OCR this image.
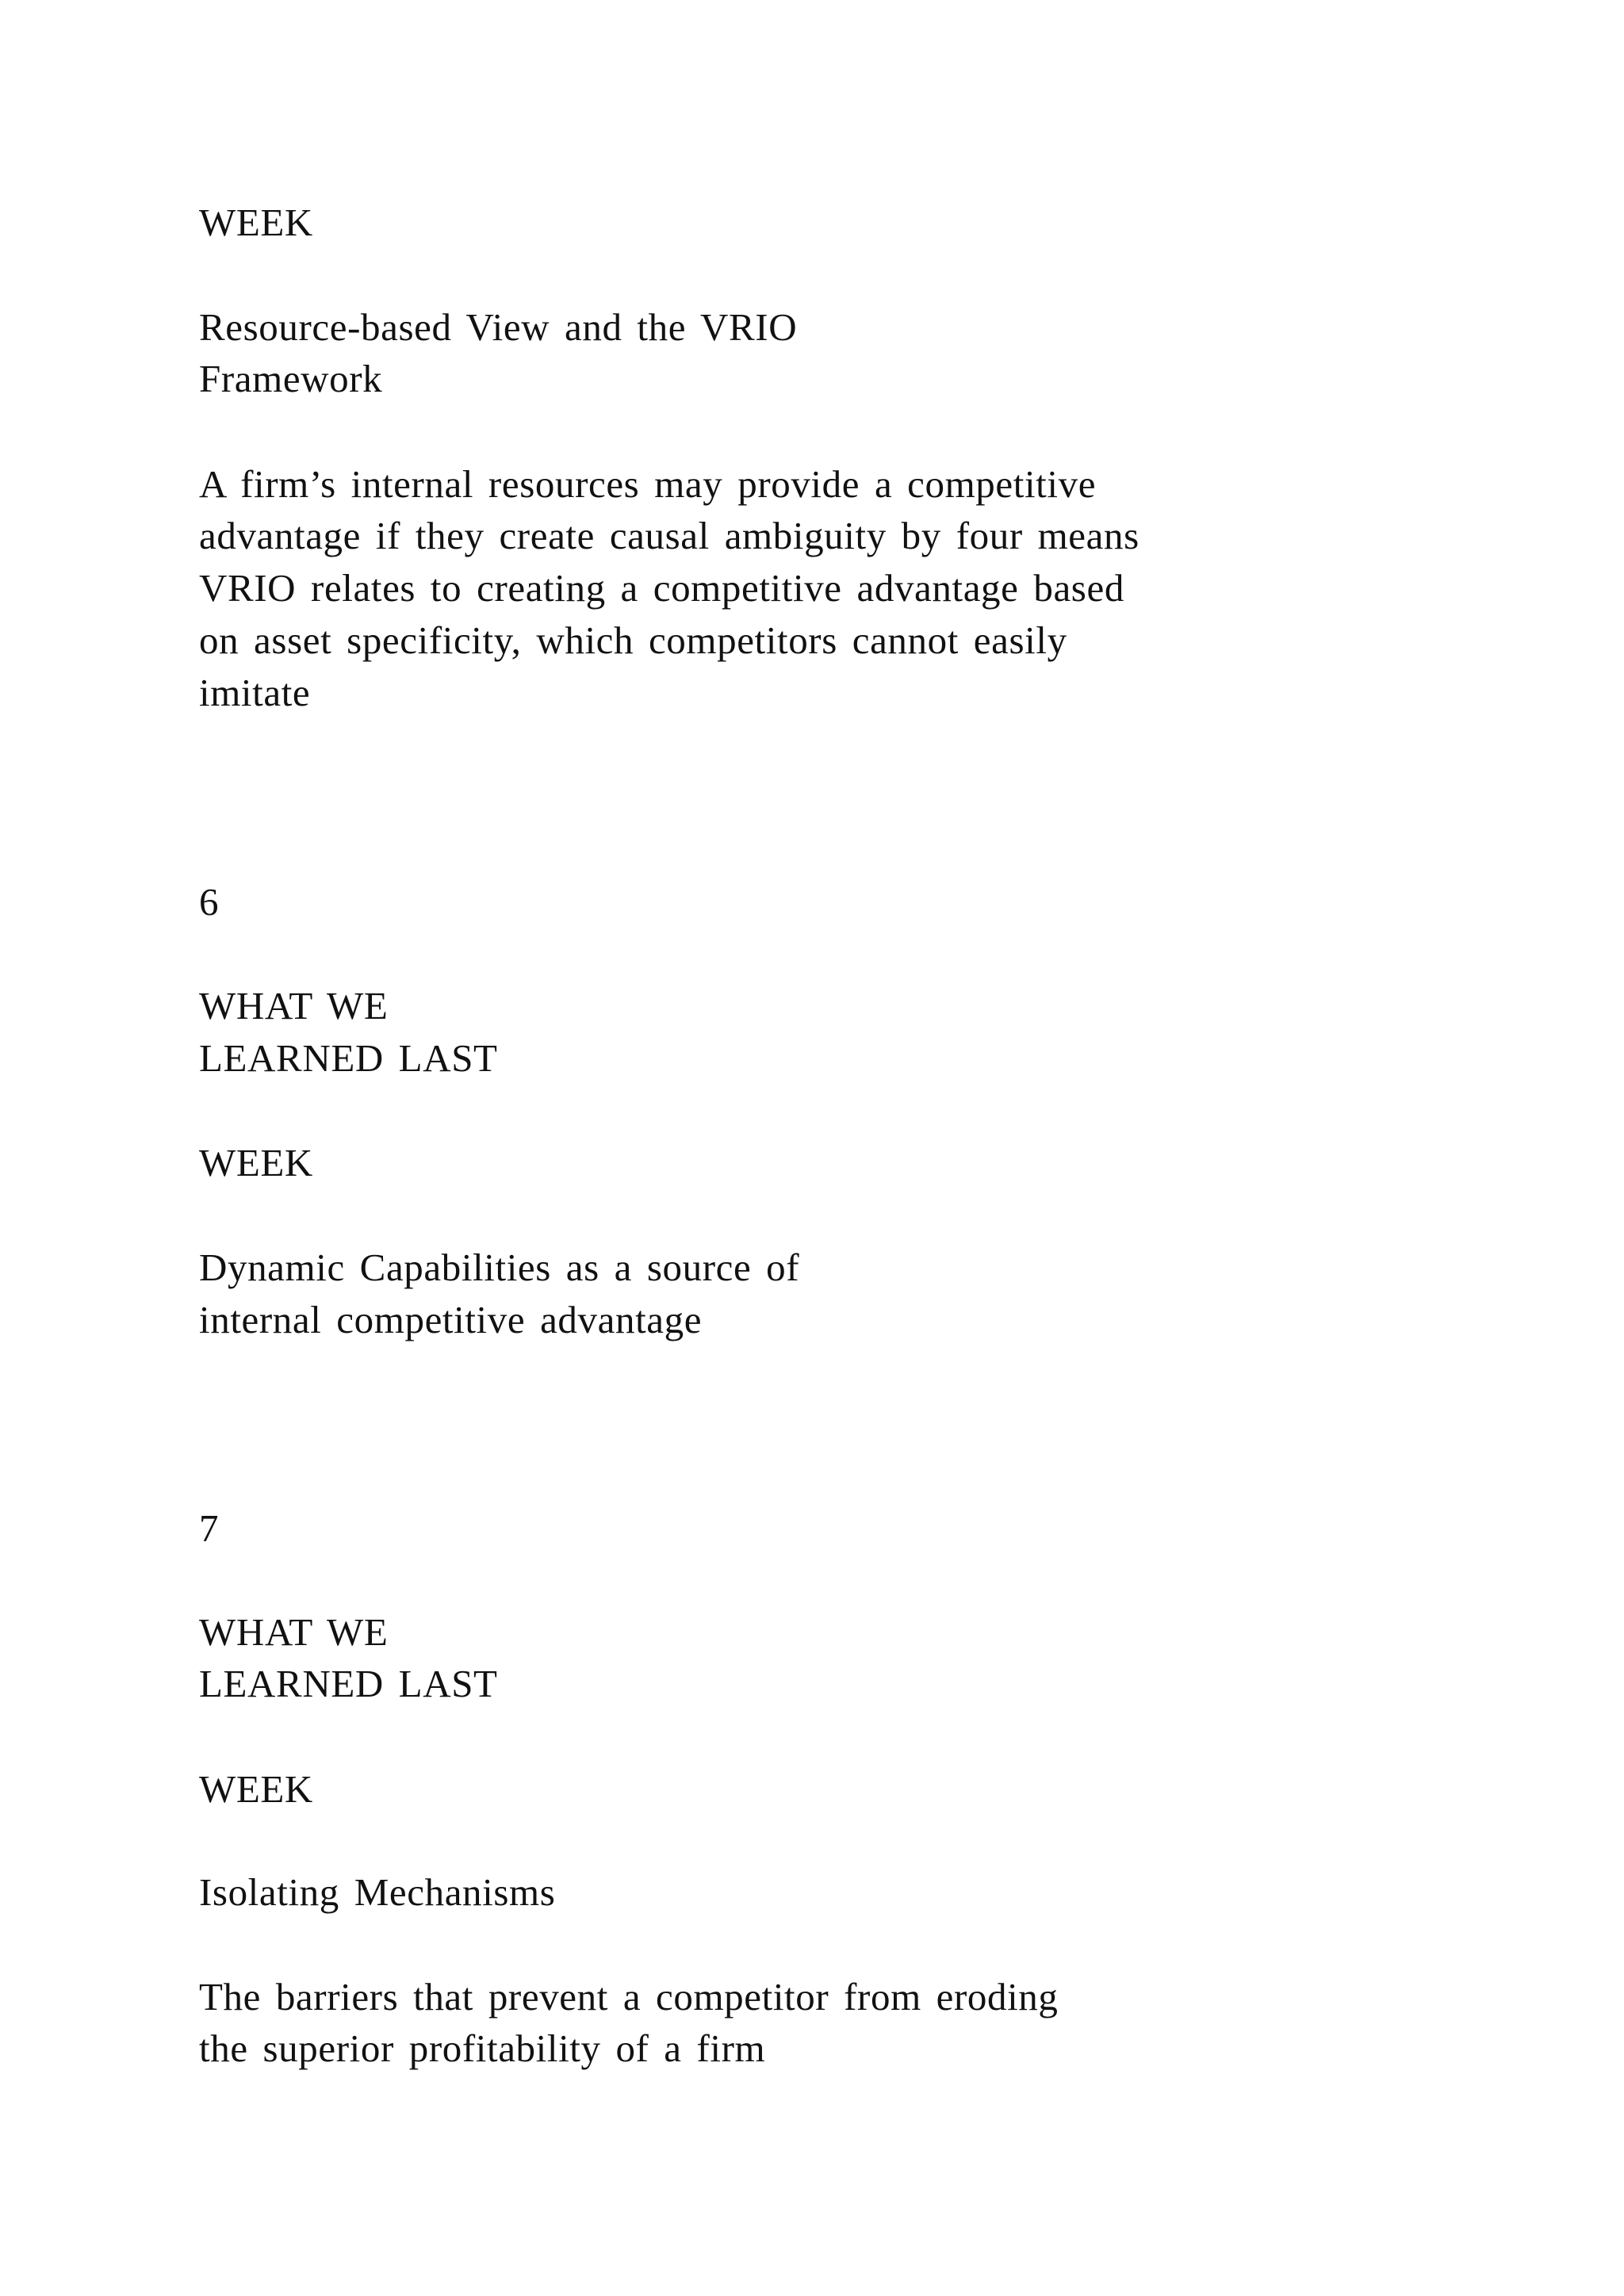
WEEK

Resource-based View and the VRIO

Framework

A firm’s internal resources may provide a competitive

advantage if they create causal ambiguity by four means

VRIO relates to creating a competitive advantage based

on asset specificity, which competitors cannot easily

imitate

6

WHAT WE

LEARNED LAST

WEEK

Dynamic Capabilities as a source of

internal competitive advantage

7

WHAT WE

LEARNED LAST

WEEK

Isolating Mechanisms

The barriers that prevent a competitor from eroding

the superior profitability of a firm
